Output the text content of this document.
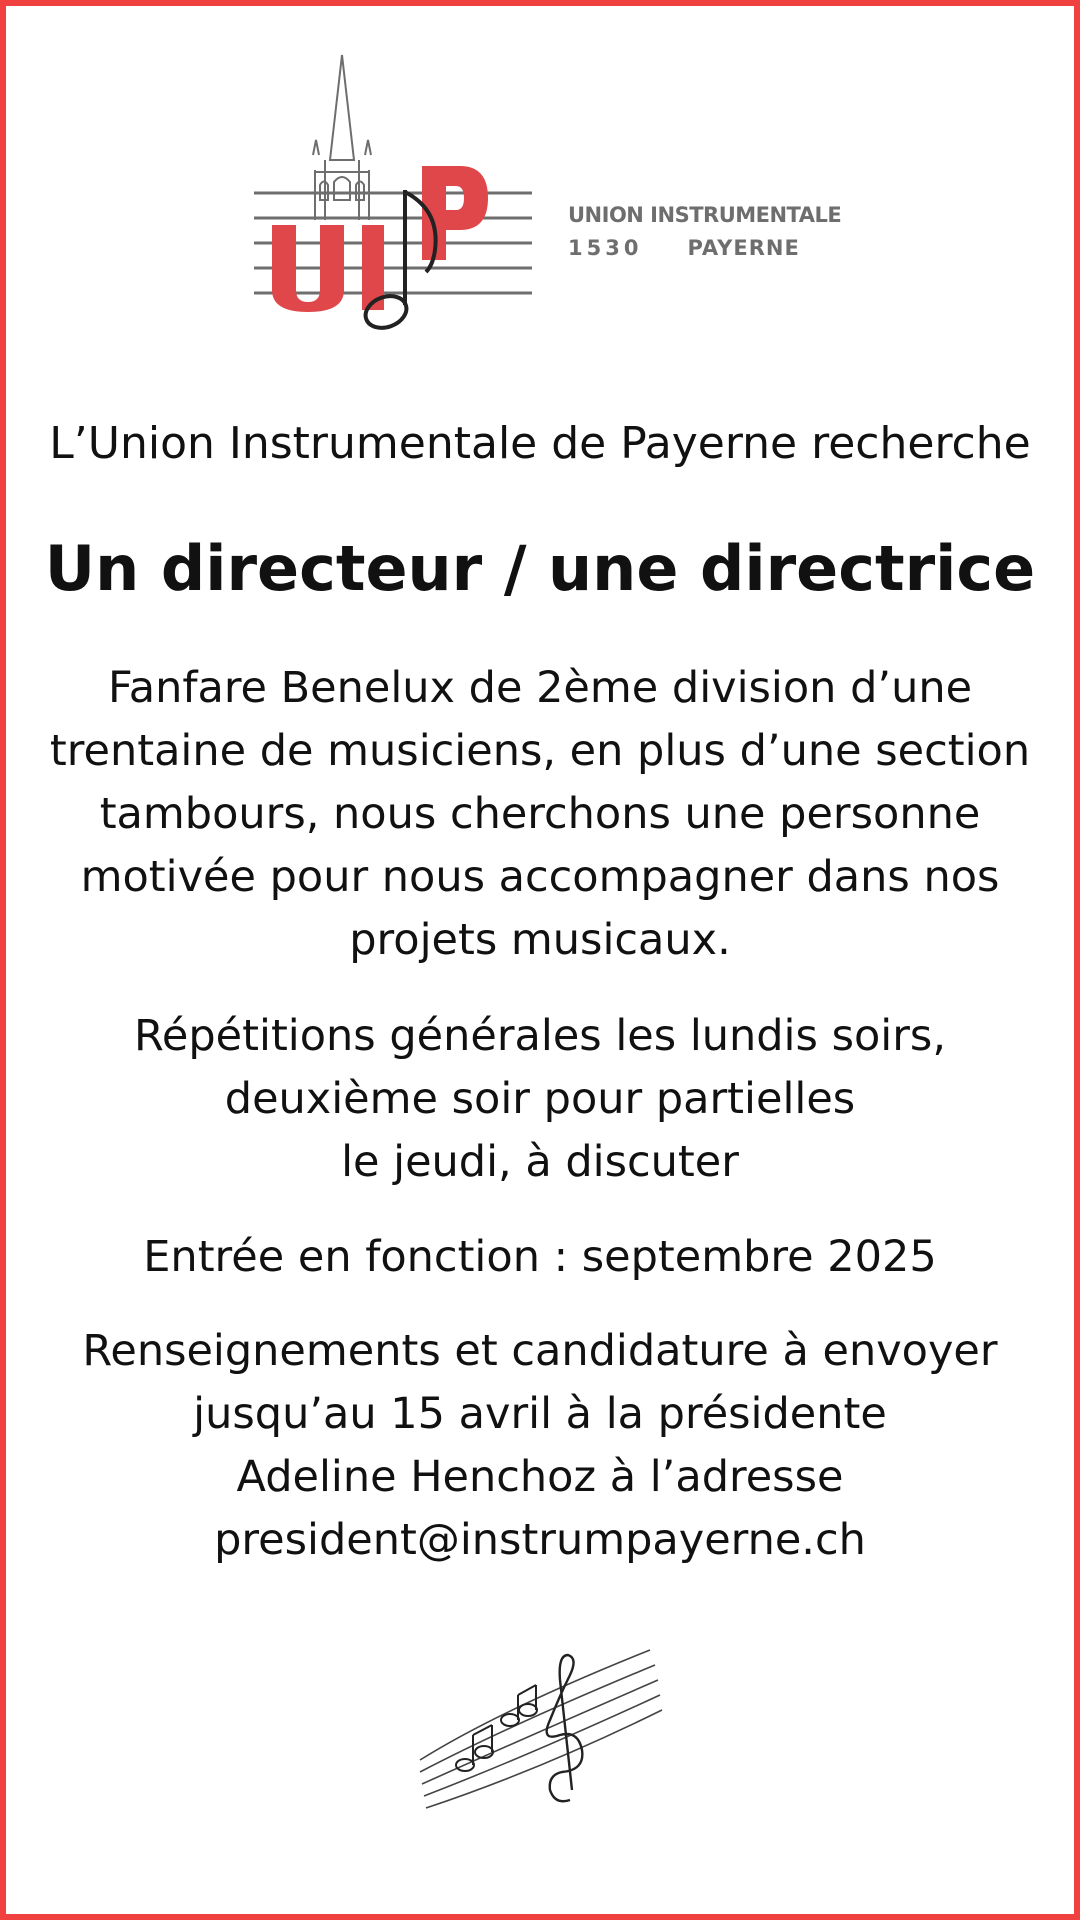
UNION INSTRUMENTALE
1530 PAYERNE
L’Union Instrumentale de Payerne recherche
Un directeur / une directrice
Fanfare Benelux de 2ème division d’une
trentaine de musiciens, en plus d’une section
tambours, nous cherchons une personne
motivée pour nous accompagner dans nos
projets musicaux.
Répétitions générales les lundis soirs,
deuxième soir pour partielles
le jeudi, à discuter
Entrée en fonction : septembre 2025
Renseignements et candidature à envoyer
jusqu’au 15 avril à la présidente
Adeline Henchoz à l’adresse
president@instrumpayerne.ch
